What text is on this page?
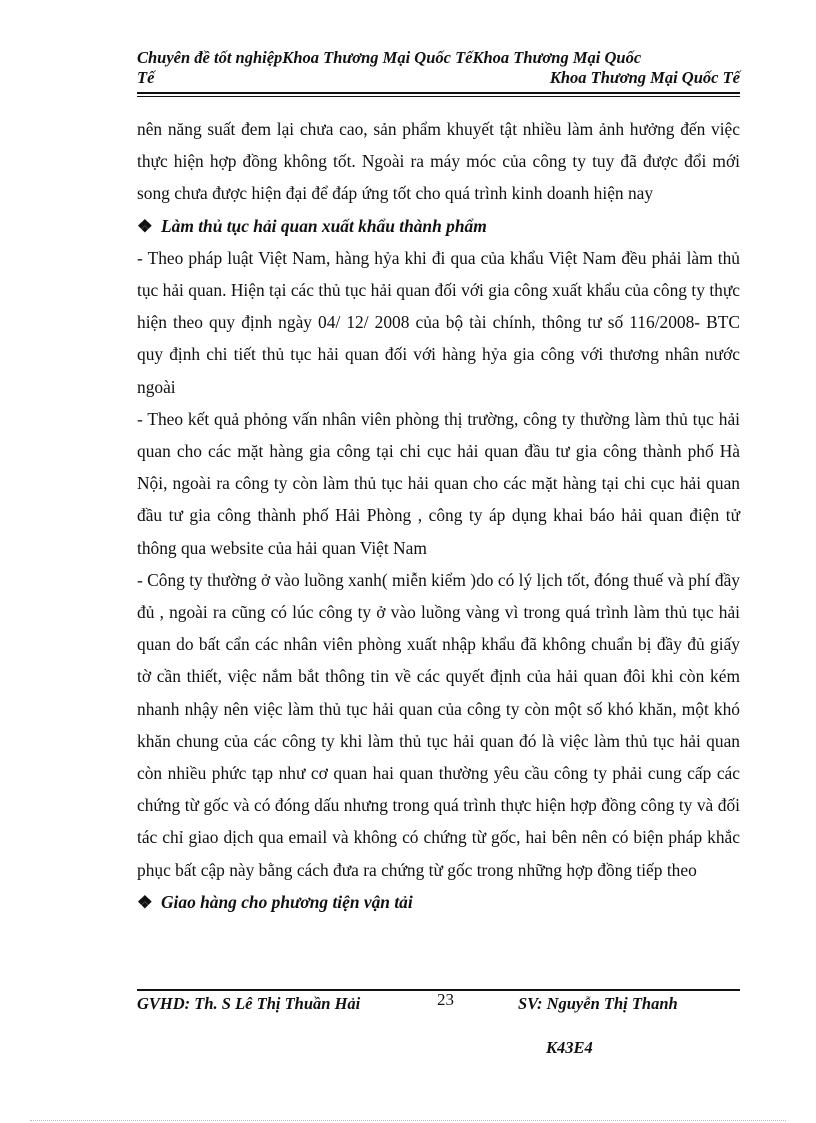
Chuyên đề tốt nghiệpKhoa Thương Mại Quốc TếKhoa Thương Mại Quốc
Tế	Khoa Thương Mại Quốc Tế

nên năng suất đem lại chưa cao, sản phẩm khuyết tật nhiều làm ảnh hưởng đến việc thực hiện hợp đồng không tốt. Ngoài ra máy móc của công ty tuy đã được đổi mới song chưa được hiện đại để đáp ứng tốt cho quá trình kinh doanh hiện nay

❖ Làm thủ tục hải quan xuất khẩu thành phẩm

- Theo pháp luật Việt Nam, hàng hỷa khi đi qua của khẩu Việt Nam đều phải làm thủ tục hải quan. Hiện tại các thủ tục hải quan đối với gia công xuất khẩu của công ty thực hiện theo quy định ngày 04/ 12/ 2008 của bộ tài chính, thông tư số 116/2008- BTC quy định chi tiết thủ tục hải quan đối với hàng hỷa gia công với thương nhân nước ngoài

- Theo kết quả phỏng vấn nhân viên phòng thị trường, công ty thường làm thủ tục hải quan cho các mặt hàng gia công tại chi cục hải quan đầu tư gia công thành phố Hà Nội, ngoài ra công ty còn làm thủ tục hải quan cho các mặt hàng tại chi cục hải quan đầu tư gia công thành phố Hải Phòng , công ty áp dụng khai báo hải quan điện tử thông qua website của hải quan Việt Nam

- Công ty thường ở vào luồng xanh( miễn kiểm )do có lý lịch tốt, đóng thuế và phí đầy đủ , ngoài ra cũng có lúc công ty ở vào luồng vàng vì trong quá trình làm thủ tục hải quan do bất cẩn các nhân viên phòng xuất nhập khẩu đã không chuẩn bị đầy đủ giấy tờ cần thiết, việc nắm bắt thông tin về các quyết định của hải quan đôi khi còn kém nhanh nhậy nên việc làm thủ tục hải quan của công ty còn một số khó khăn, một khó khăn chung của các công ty khi làm thủ tục hải quan đó là việc làm thủ tục hải quan còn nhiều phức tạp như cơ quan hai quan thường yêu cầu công ty phải cung cấp các chứng từ gốc và có đóng dấu nhưng trong quá trình thực hiện hợp đồng công ty và đối tác chỉ giao dịch qua email và không có chứng từ gốc, hai bên nên có biện pháp khắc phục bất cập này bằng cách đưa ra chứng từ gốc trong những hợp đồng tiếp theo

❖ Giao hàng cho phương tiện vận tải

GVHD: Th. S Lê Thị Thuần Hải	23	SV: Nguyễn Thị Thanh
K43E4
